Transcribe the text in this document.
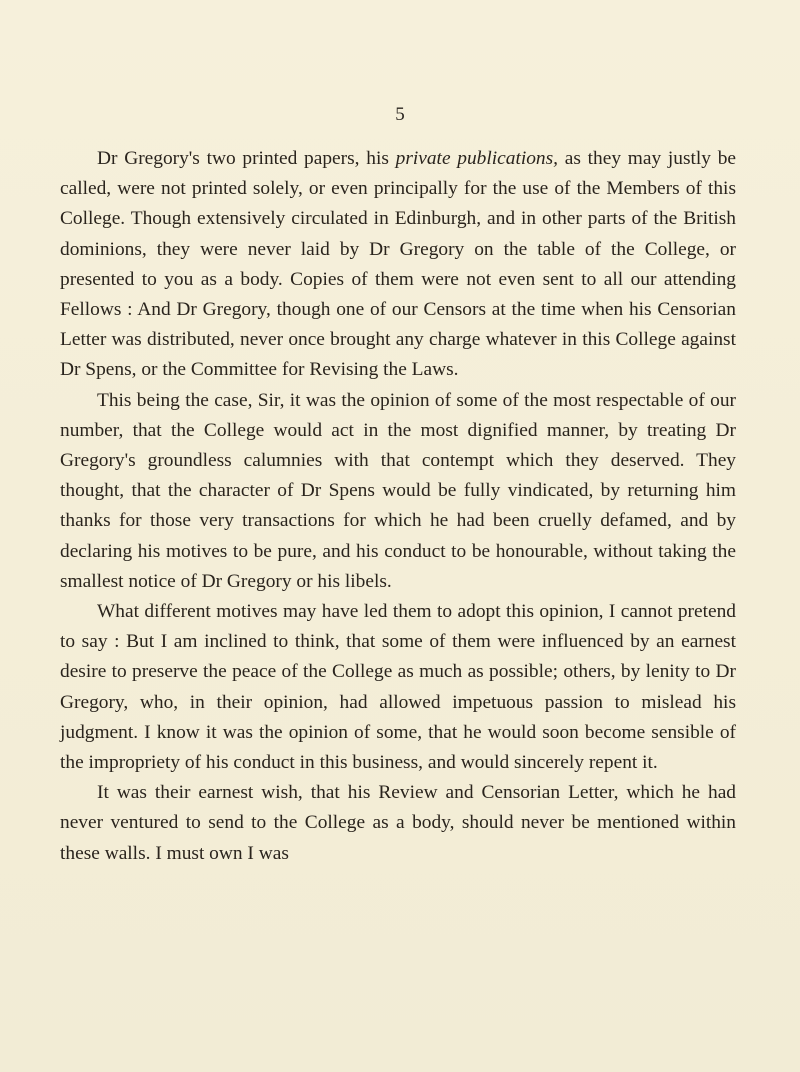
5

Dr Gregory's two printed papers, his private publications, as they may justly be called, were not printed solely, or even principally for the use of the Members of this College. Though extensively circulated in Edinburgh, and in other parts of the British dominions, they were never laid by Dr Gregory on the table of the College, or presented to you as a body. Copies of them were not even sent to all our attending Fellows : And Dr Gregory, though one of our Censors at the time when his Censorian Letter was distributed, never once brought any charge whatever in this College against Dr Spens, or the Committee for Revising the Laws.

This being the case, Sir, it was the opinion of some of the most respectable of our number, that the College would act in the most dignified manner, by treating Dr Gregory's groundless calumnies with that contempt which they deserved. They thought, that the character of Dr Spens would be fully vindicated, by returning him thanks for those very transactions for which he had been cruelly defamed, and by declaring his motives to be pure, and his conduct to be honourable, without taking the smallest notice of Dr Gregory or his libels.

What different motives may have led them to adopt this opinion, I cannot pretend to say : But I am inclined to think, that some of them were influenced by an earnest desire to preserve the peace of the College as much as possible; others, by lenity to Dr Gregory, who, in their opinion, had allowed impetuous passion to mislead his judgment. I know it was the opinion of some, that he would soon become sensible of the impropriety of his conduct in this business, and would sincerely repent it.

It was their earnest wish, that his Review and Censorian Letter, which he had never ventured to send to the College as a body, should never be mentioned within these walls. I must own I was
